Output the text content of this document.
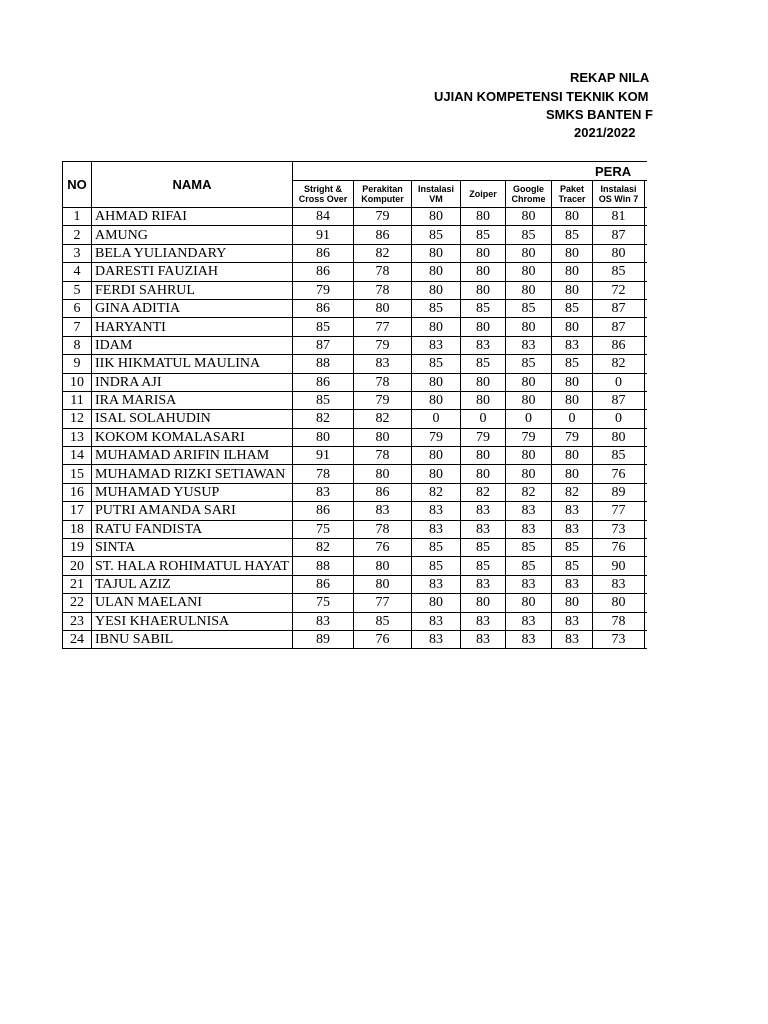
REKAP NILA
UJIAN KOMPETENSI TEKNIK KOM
SMKS BANTEN F
2021/2022
NO	NAMA	PERA							
		Stright & Cross Over	Perakitan Komputer	Instalasi VM	Zoiper	Google Chrome	Paket Tracer	Instalasi OS Win 7	
1	AHMAD RIFAI	84	79	80	80	80	80	81	
2	AMUNG	91	86	85	85	85	85	87	
3	BELA YULIANDARY	86	82	80	80	80	80	80	
4	DARESTI FAUZIAH	86	78	80	80	80	80	85	
5	FERDI SAHRUL	79	78	80	80	80	80	72	
6	GINA ADITIA	86	80	85	85	85	85	87	
7	HARYANTI	85	77	80	80	80	80	87	
8	IDAM	87	79	83	83	83	83	86	
9	IIK HIKMATUL MAULINA	88	83	85	85	85	85	82	
10	INDRA AJI	86	78	80	80	80	80	0	
11	IRA MARISA	85	79	80	80	80	80	87	
12	ISAL SOLAHUDIN	82	82	0	0	0	0	0	
13	KOKOM KOMALASARI	80	80	79	79	79	79	80	
14	MUHAMAD ARIFIN ILHAM	91	78	80	80	80	80	85	
15	MUHAMAD RIZKI SETIAWAN	78	80	80	80	80	80	76	
16	MUHAMAD YUSUP	83	86	82	82	82	82	89	
17	PUTRI AMANDA SARI	86	83	83	83	83	83	77	
18	RATU FANDISTA	75	78	83	83	83	83	73	
19	SINTA	82	76	85	85	85	85	76	
20	ST. HALA ROHIMATUL HAYAT	88	80	85	85	85	85	90	
21	TAJUL AZIZ	86	80	83	83	83	83	83	
22	ULAN MAELANI	75	77	80	80	80	80	80	
23	YESI KHAERULNISA	83	85	83	83	83	83	78	
24	IBNU SABIL	89	76	83	83	83	83	73	
